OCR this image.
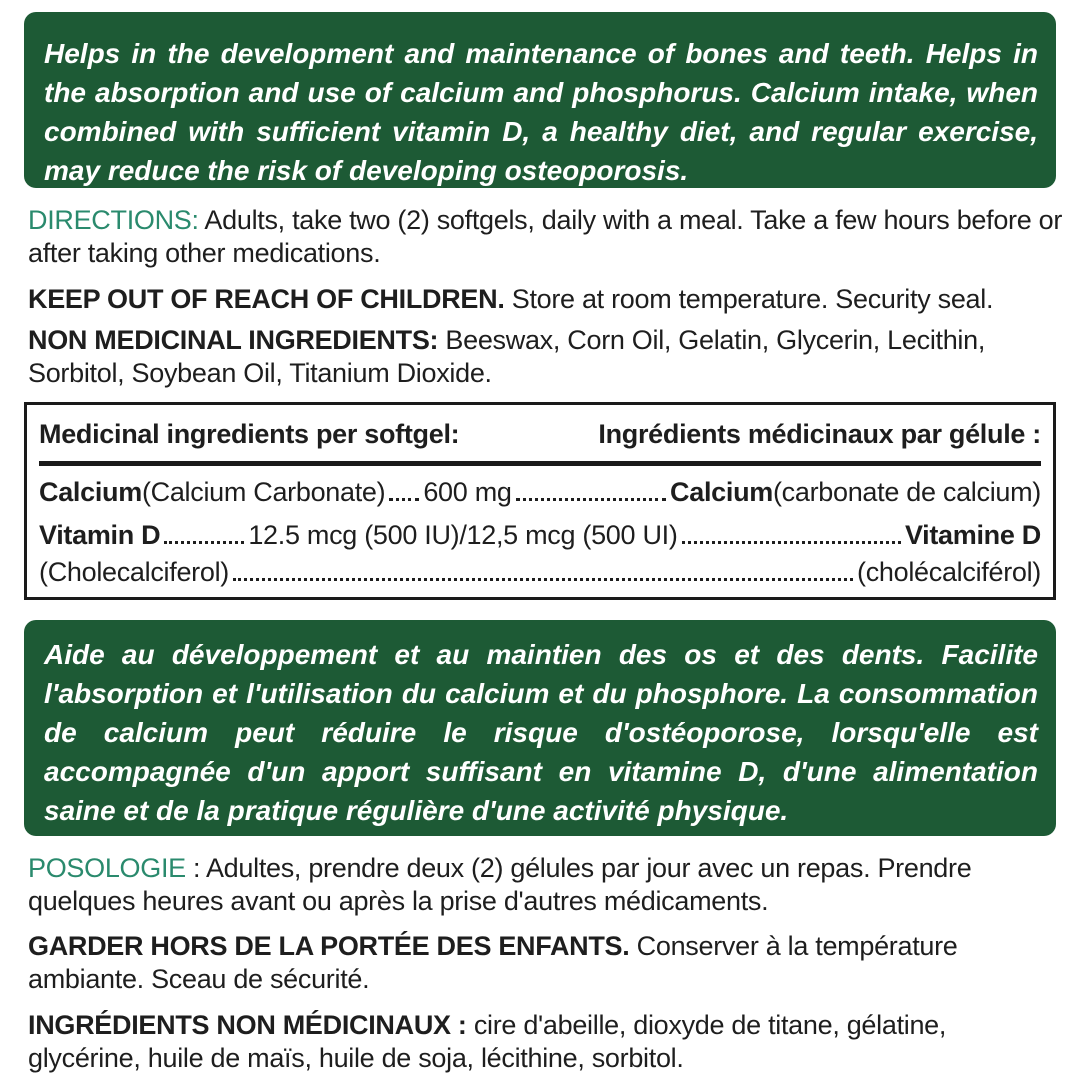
Helps in the development and maintenance of bones and teeth. Helps in the absorption and use of calcium and phosphorus. Calcium intake, when combined with sufficient vitamin D, a healthy diet, and regular exercise, may reduce the risk of developing osteoporosis.
DIRECTIONS: Adults, take two (2) softgels, daily with a meal. Take a few hours before or after taking other medications.
KEEP OUT OF REACH OF CHILDREN. Store at room temperature. Security seal.
NON MEDICINAL INGREDIENTS: Beeswax, Corn Oil, Gelatin, Glycerin, Lecithin, Sorbitol, Soybean Oil, Titanium Dioxide.
Medicinal ingredients per softgel:	Ingrédients médicinaux par gélule :
Calcium (Calcium Carbonate) 600 mg	Calcium (carbonate de calcium)
Vitamin D	12.5 mcg (500 IU)/12,5 mcg (500 UI)	Vitamine D
(Cholecalciferol)	(cholécalciférol)
Aide au développement et au maintien des os et des dents. Facilite l'absorption et l'utilisation du calcium et du phosphore. La consommation de calcium peut réduire le risque d'ostéoporose, lorsqu'elle est accompagnée d'un apport suffisant en vitamine D, d'une alimentation saine et de la pratique régulière d'une activité physique.
POSOLOGIE : Adultes, prendre deux (2) gélules par jour avec un repas. Prendre quelques heures avant ou après la prise d'autres médicaments.
GARDER HORS DE LA PORTÉE DES ENFANTS. Conserver à la température ambiante. Sceau de sécurité.
INGRÉDIENTS NON MÉDICINAUX : cire d'abeille, dioxyde de titane, gélatine, glycérine, huile de maïs, huile de soja, lécithine, sorbitol.
